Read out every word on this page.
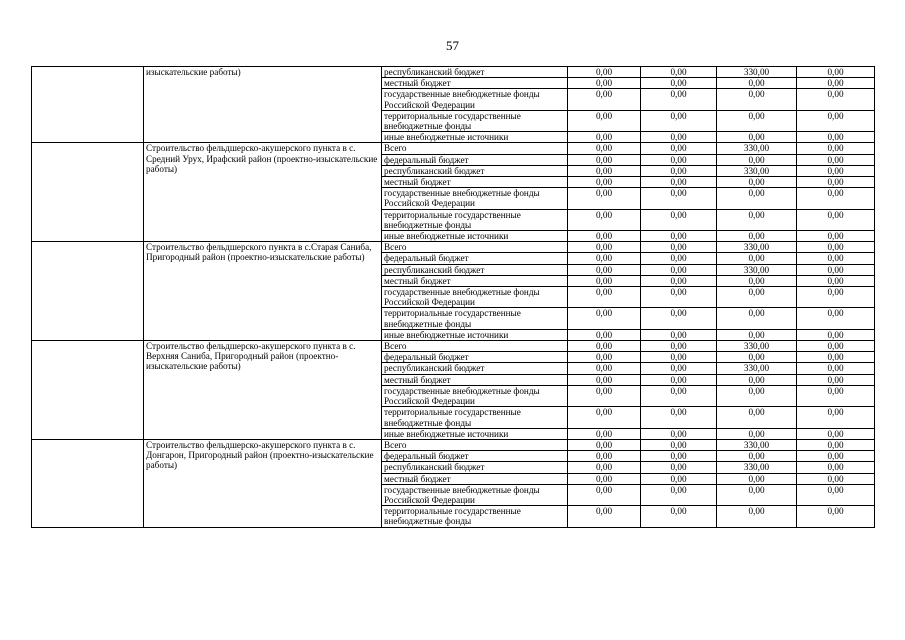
57
	изыскательские работы)	республиканский бюджет	0,00	0,00	330,00	0,00
		местный бюджет	0,00	0,00	0,00	0,00
		государственные внебюджетные фонды Российской Федерации	0,00	0,00	0,00	0,00
		территориальные государственные внебюджетные фонды	0,00	0,00	0,00	0,00
		иные внебюджетные источники	0,00	0,00	0,00	0,00
	Строительство фельдшерско-акушерского пункта в с. Средний Урух, Ирафский район (проектно-изыскательские работы)	Всего	0,00	0,00	330,00	0,00
		федеральный бюджет	0,00	0,00	0,00	0,00
		республиканский бюджет	0,00	0,00	330,00	0,00
		местный бюджет	0,00	0,00	0,00	0,00
		государственные внебюджетные фонды Российской Федерации	0,00	0,00	0,00	0,00
		территориальные государственные внебюджетные фонды	0,00	0,00	0,00	0,00
		иные внебюджетные источники	0,00	0,00	0,00	0,00
	Строительство фельдшерского пункта в с.Старая Саниба, Пригородный район (проектно-изыскательские работы)	Всего	0,00	0,00	330,00	0,00
		федеральный бюджет	0,00	0,00	0,00	0,00
		республиканский бюджет	0,00	0,00	330,00	0,00
		местный бюджет	0,00	0,00	0,00	0,00
		государственные внебюджетные фонды Российской Федерации	0,00	0,00	0,00	0,00
		территориальные государственные внебюджетные фонды	0,00	0,00	0,00	0,00
		иные внебюджетные источники	0,00	0,00	0,00	0,00
	Строительство фельдшерско-акушерского пункта в с. Верхняя Саниба, Пригородный район (проектно-изыскательские работы)	Всего	0,00	0,00	330,00	0,00
		федеральный бюджет	0,00	0,00	0,00	0,00
		республиканский бюджет	0,00	0,00	330,00	0,00
		местный бюджет	0,00	0,00	0,00	0,00
		государственные внебюджетные фонды Российской Федерации	0,00	0,00	0,00	0,00
		территориальные государственные внебюджетные фонды	0,00	0,00	0,00	0,00
		иные внебюджетные источники	0,00	0,00	0,00	0,00
	Строительство фельдшерско-акушерского пункта в с. Донгарон, Пригородный район (проектно-изыскательские работы)	Всего	0,00	0,00	330,00	0,00
		федеральный бюджет	0,00	0,00	0,00	0,00
		республиканский бюджет	0,00	0,00	330,00	0,00
		местный бюджет	0,00	0,00	0,00	0,00
		государственные внебюджетные фонды Российской Федерации	0,00	0,00	0,00	0,00
		территориальные государственные внебюджетные фонды	0,00	0,00	0,00	0,00
